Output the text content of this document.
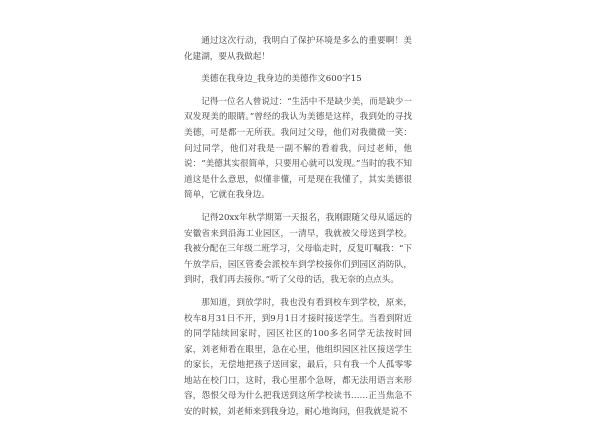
通过这次行动，我明白了保护环境是多么的重要啊！美化建湖，要从我做起！

美德在我身边_我身边的美德作文600字15

记得一位名人曾说过：“生活中不是缺少美，而是缺少一双发现美的眼睛。”曾经的我认为美德是这样，我到处的寻找美德，可是都一无所获。我问过父母，他们对我微微一笑：问过同学，他们对我是一副不解的看着我，问过老师，他说：“美德其实很简单，只要用心就可以发现。”当时的我不知道这是什么意思，似懂非懂，可是现在我懂了，其实美德很简单，它就在我身边。

记得20xx年秋学期第一天报名，我刚跟随父母从遥远的安徽省来到沿海工业园区，一清早，我就被父母送到学校。我被分配在三年级二班学习，父母临走时，反复叮嘱我：“下午放学后，园区管委会派校车到学校接你们到园区消防队，到时，我们再去接你。”听了父母的话，我无奈的点点头。

那知道，到放学时，我也没有看到校车到学校，原来，校车8月31日不开，到9月1日才接时接送学生。当看到附近的同学陆续回家时，园区社区的100多名同学无法按时回家，刘老师看在眼里，急在心里，他组织园区社区接送学生的家长，无偿地把孩子送回家，最后，只有我一个人孤零零地站在校门口，这时，我心里那个急呀，都无法用语言来形容，怨恨父母为什么把我送到这所学校读书……正当焦急不安的时候，刘老师来到我身边，耐心地询问，但我就是说不
